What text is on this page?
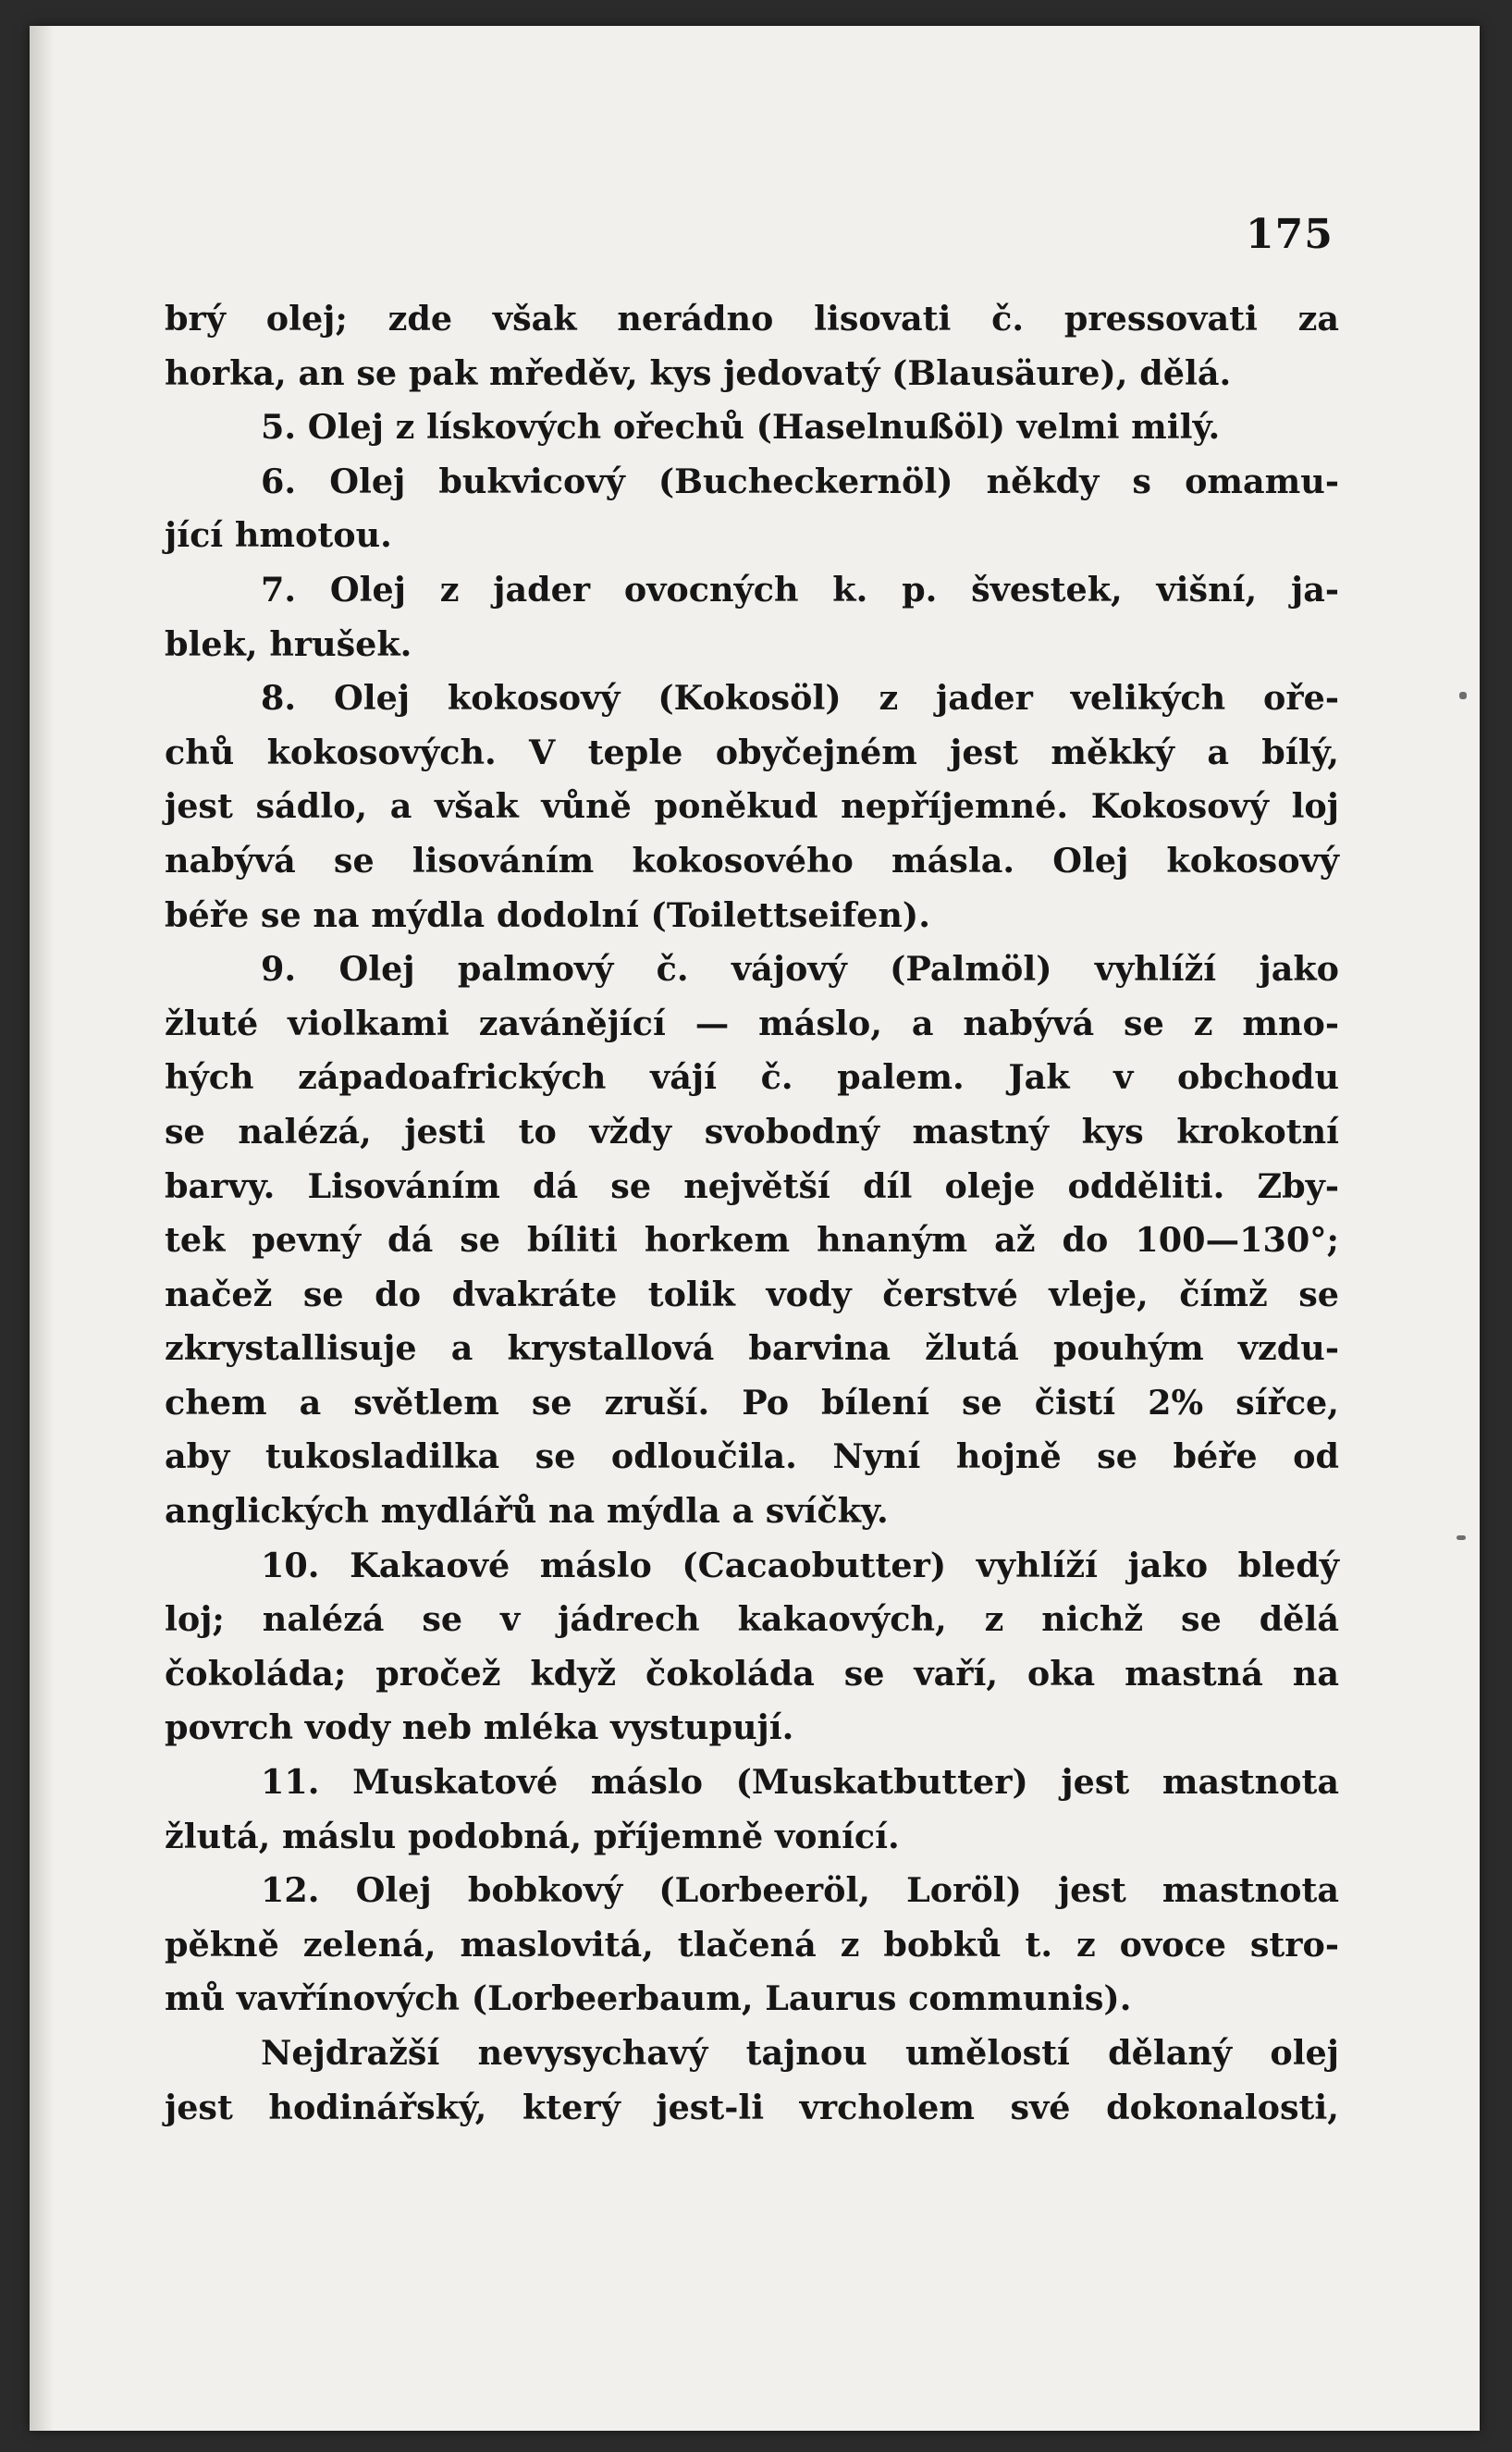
175
brý olej; zde však nerádno lisovati č. pressovati za
horka, an se pak mředěv, kys jedovatý (Blausäure), dělá.
5. Olej z lískových ořechů (Haselnußöl) velmi milý.
6. Olej bukvicový (Bucheckernöl) někdy s omamu-
jící hmotou.
7. Olej z jader ovocných k. p. švestek, višní, ja-
blek, hrušek.
8. Olej kokosový (Kokosöl) z jader velikých oře-
chů kokosových. V teple obyčejném jest měkký a bílý,
jest sádlo, a však vůně poněkud nepříjemné. Kokosový loj
nabývá se lisováním kokosového másla. Olej kokosový
béře se na mýdla dodolní (Toilettseifen).
9. Olej palmový č. vájový (Palmöl) vyhlíží jako
žluté violkami zavánějící — máslo, a nabývá se z mno-
hých západoafrických vájí č. palem. Jak v obchodu
se nalézá, jesti to vždy svobodný mastný kys krokotní
barvy. Lisováním dá se největší díl oleje odděliti. Zby-
tek pevný dá se bíliti horkem hnaným až do 100—130°;
načež se do dvakráte tolik vody čerstvé vleje, čímž se
zkrystallisuje a krystallová barvina žlutá pouhým vzdu-
chem a světlem se zruší. Po bílení se čistí 2% sířce,
aby tukosladilka se odloučila. Nyní hojně se béře od
anglických mydlářů na mýdla a svíčky.
10. Kakaové máslo (Cacaobutter) vyhlíží jako bledý
loj; nalézá se v jádrech kakaových, z nichž se dělá
čokoláda; pročež když čokoláda se vaří, oka mastná na
povrch vody neb mléka vystupují.
11. Muskatové máslo (Muskatbutter) jest mastnota
žlutá, máslu podobná, příjemně vonící.
12. Olej bobkový (Lorbeeröl, Loröl) jest mastnota
pěkně zelená, maslovitá, tlačená z bobků t. z ovoce stro-
mů vavřínových (Lorbeerbaum, Laurus communis).
Nejdražší nevysychavý tajnou umělostí dělaný olej
jest hodinářský, který jest-li vrcholem své dokonalosti,
